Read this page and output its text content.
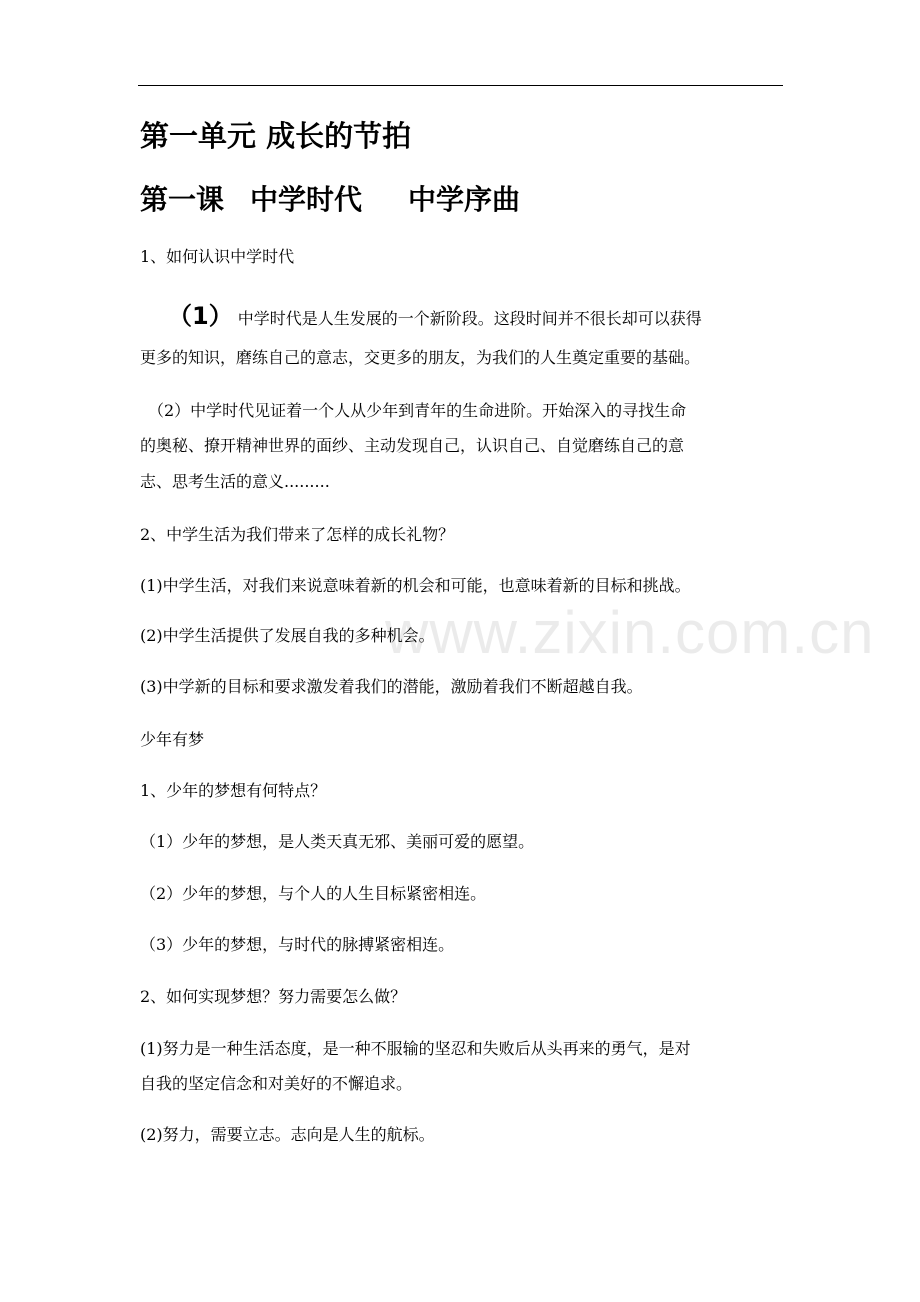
第一单元 成长的节拍
第一课 中学时代 中学序曲
1、如何认识中学时代
（1） 中学时代是人生发展的一个新阶段。这段时间并不很长却可以获得
更多的知识，磨练自己的意志，交更多的朋友，为我们的人生奠定重要的基础。
（2）中学时代见证着一个人从少年到青年的生命进阶。开始深入的寻找生命
的奥秘、撩开精神世界的面纱、主动发现自己，认识自己、自觉磨练自己的意
志、思考生活的意义.........
2、中学生活为我们带来了怎样的成长礼物？
(1)中学生活，对我们来说意味着新的机会和可能，也意味着新的目标和挑战。
(2)中学生活提供了发展自我的多种机会。
(3)中学新的目标和要求激发着我们的潜能，激励着我们不断超越自我。
少年有梦
1、少年的梦想有何特点？
（1）少年的梦想，是人类天真无邪、美丽可爱的愿望。
（2）少年的梦想，与个人的人生目标紧密相连。
（3）少年的梦想，与时代的脉搏紧密相连。
2、如何实现梦想？努力需要怎么做？
(1)努力是一种生活态度，是一种不服输的坚忍和失败后从头再来的勇气，是对
自我的坚定信念和对美好的不懈追求。
(2)努力，需要立志。志向是人生的航标。
www.zixin.com.cn
